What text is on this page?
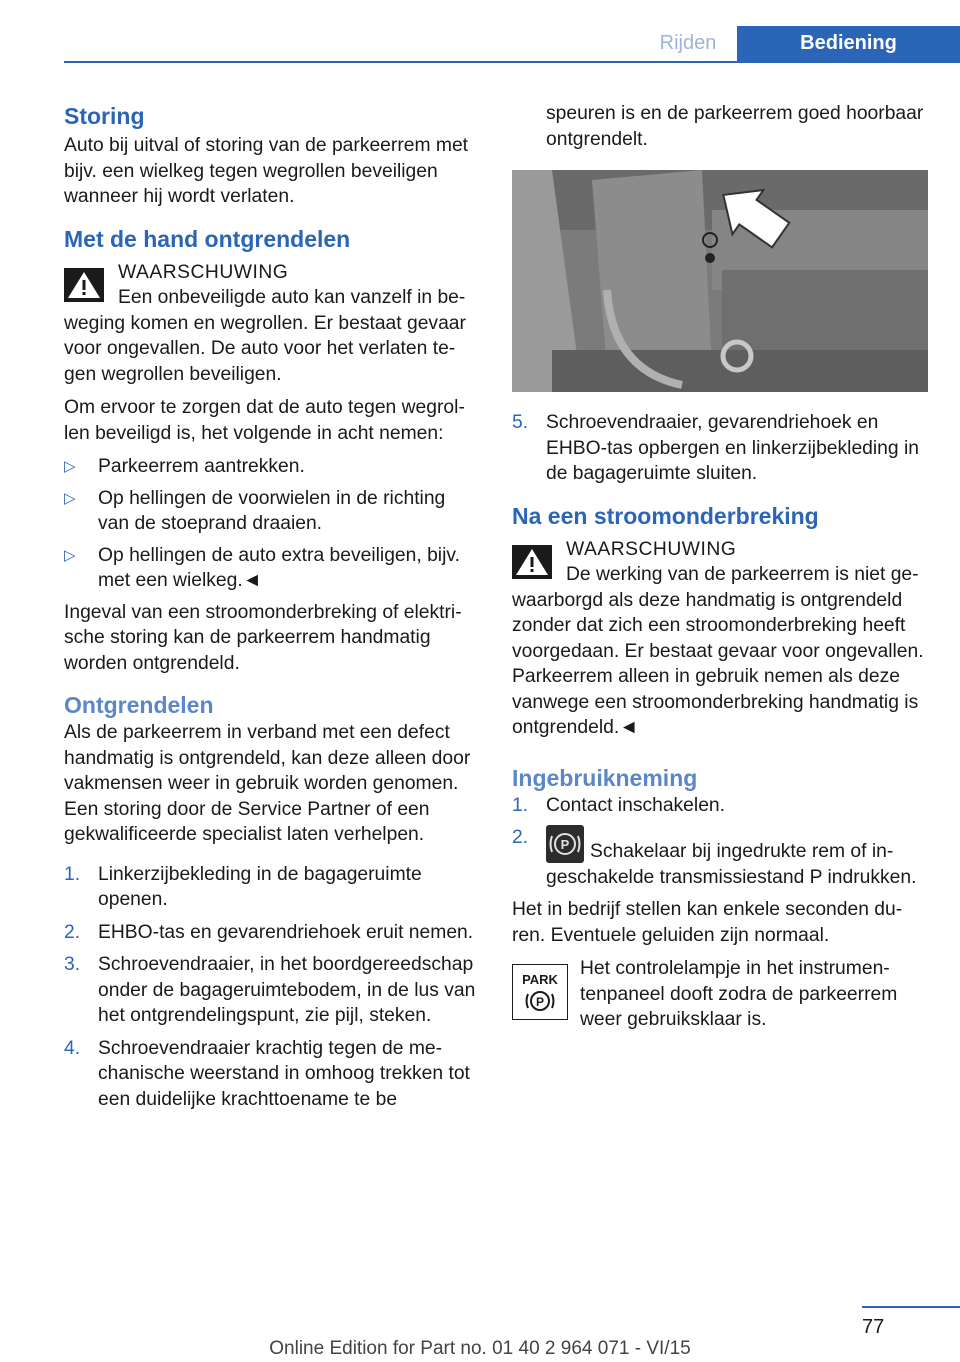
Rijden	Bediening
Storing

Auto bij uitval of storing van de parkeerrem met bijv. een wielkeg tegen wegrollen beveiligen wanneer hij wordt verlaten.

Met de hand ontgrendelen
WAARSCHUWING
Een onbeveiligde auto kan vanzelf in beweging komen en wegrollen. Er bestaat gevaar voor ongevallen. De auto voor het verlaten tegen wegrollen beveiligen.

Om ervoor te zorgen dat de auto tegen wegrollen beveiligd is, het volgende in acht nemen:

▷ Parkeerrem aantrekken.
▷ Op hellingen de voorwielen in de richting van de stoeprand draaien.
▷ Op hellingen de auto extra beveiligen, bijv. met een wielkeg.◄

Ingeval van een stroomonderbreking of elektrische storing kan de parkeerrem handmatig worden ontgrendeld.

Ontgrendelen

Als de parkeerrem in verband met een defect handmatig is ontgrendeld, kan deze alleen door vakmensen weer in gebruik worden genomen. Een storing door de Service Partner of een gekwalificeerde specialist laten verhelpen.

1. Linkerzijbekleding in de bagageruimte openen.
2. EHBO-tas en gevarendriehoek eruit nemen.
3. Schroevendraaier, in het boordgereedschap onder de bagageruimtebodem, in de lus van het ontgrendelingspunt, zie pijl, steken.
4. Schroevendraaier krachtig tegen de mechanische weerstand in omhoog trekken tot een duidelijke krachttoename te be

speuren is en de parkeerrem goed hoorbaar ontgrendelt.

5. Schroevendraaier, gevarendriehoek en EHBO-tas opbergen en linkerzijbekleding in de bagageruimte sluiten.
Na een stroomonderbreking
WAARSCHUWING
De werking van de parkeerrem is niet gewaarborgd als deze handmatig is ontgrendeld zonder dat zich een stroomonderbreking heeft voorgedaan. Er bestaat gevaar voor ongevallen. Parkeerrem alleen in gebruik nemen als deze vanwege een stroomonderbreking handmatig is ontgrendeld.◄
Ingebruikneming
1. Contact inschakelen.
2.	P Schakelaar bij ingedrukte rem of ingeschakelde transmissiestand P indrukken.

Het in bedrijf stellen kan enkele seconden duren. Eventuele geluiden zijn normaal.

PARK
P
Het controlelampje in het instrumentenpaneel dooft zodra de parkeerrem weer gebruiksklaar is.
77
Online Edition for Part no. 01 40 2 964 071 - VI/15
